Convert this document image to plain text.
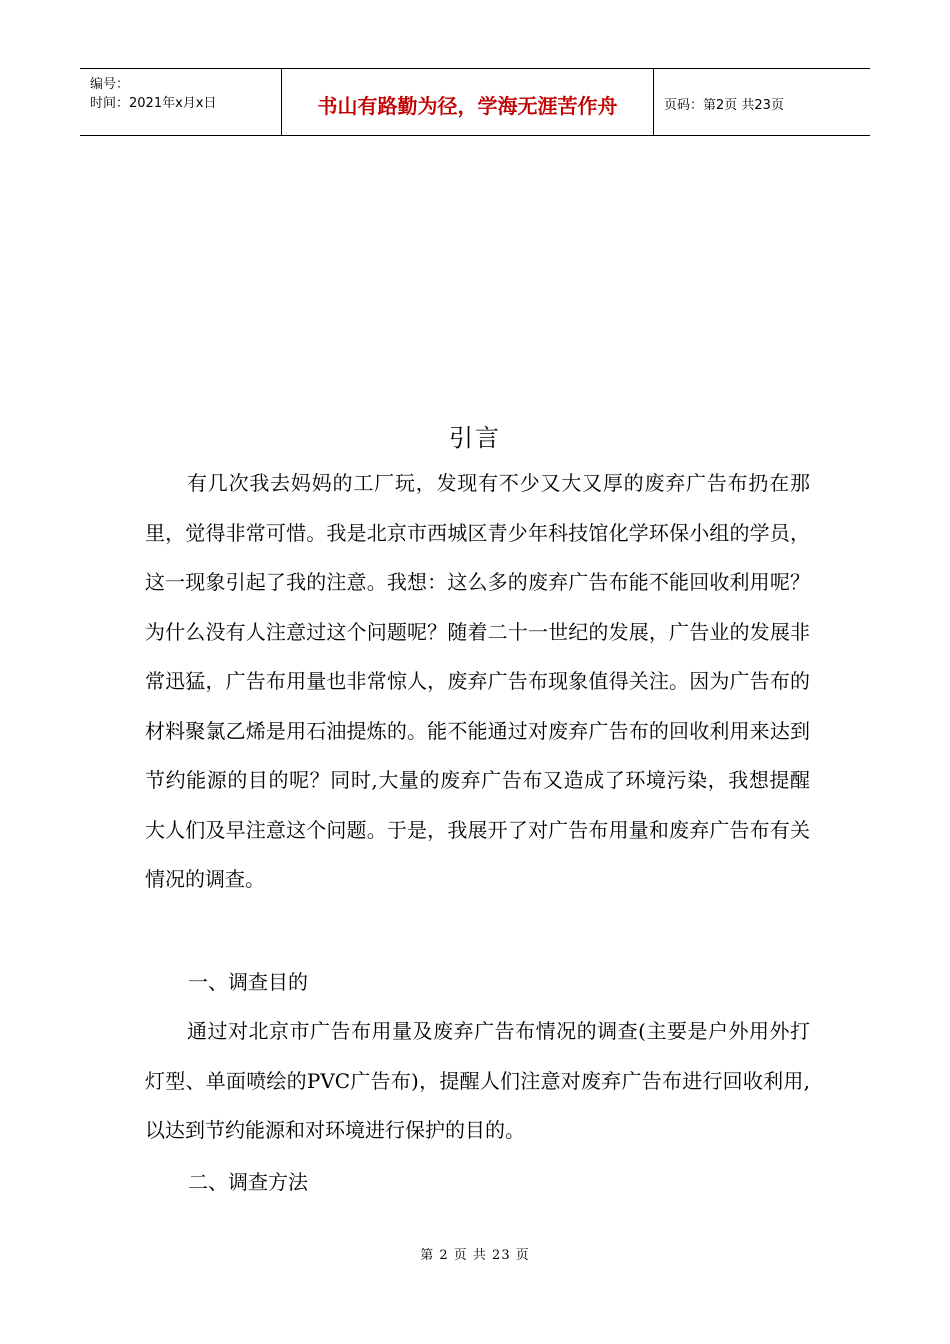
编号：
时间：2021年x月x日	书山有路勤为径，学海无涯苦作舟	页码：第2页 共23页
引言

有几次我去妈妈的工厂玩，发现有不少又大又厚的废弃广告布扔在那里，觉得非常可惜。我是北京市西城区青少年科技馆化学环保小组的学员，这一现象引起了我的注意。我想：这么多的废弃广告布能不能回收利用呢？为什么没有人注意过这个问题呢？随着二十一世纪的发展，广告业的发展非常迅猛，广告布用量也非常惊人，废弃广告布现象值得关注。因为广告布的材料聚氯乙烯是用石油提炼的。能不能通过对废弃广告布的回收利用来达到节约能源的目的呢？同时,大量的废弃广告布又造成了环境污染，我想提醒大人们及早注意这个问题。于是，我展开了对广告布用量和废弃广告布有关情况的调查。

一、调查目的

通过对北京市广告布用量及废弃广告布情况的调查(主要是户外用外打灯型、单面喷绘的PVC广告布)，提醒人们注意对废弃广告布进行回收利用,以达到节约能源和对环境进行保护的目的。

二、调查方法

第 2 页 共 23 页
